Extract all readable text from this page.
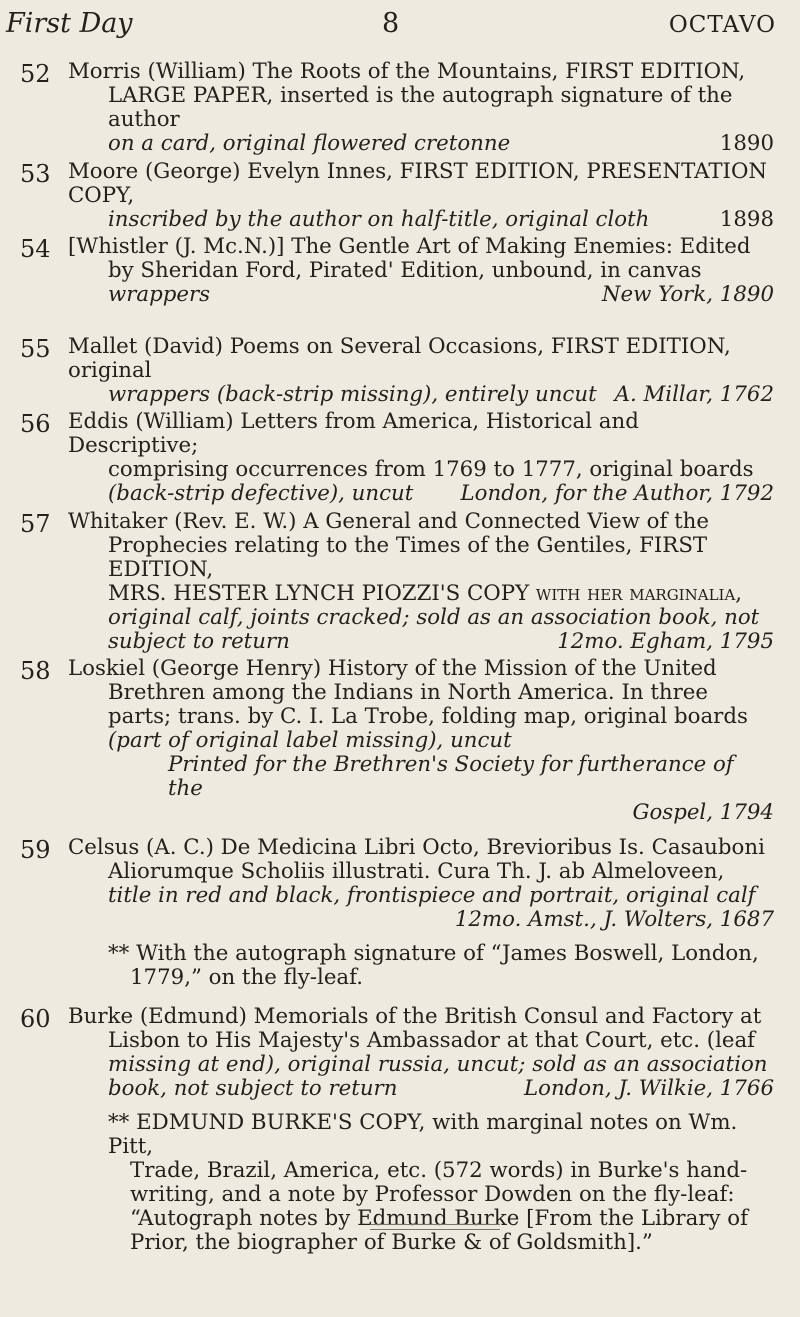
First Day	8	OCTAVO
52 Morris (William) The Roots of the Mountains, FIRST EDITION,
LARGE PAPER, inserted is the autograph signature of the author
on a card, original flowered cretonne	1890
53 Moore (George) Evelyn Innes, FIRST EDITION, PRESENTATION COPY,
inscribed by the author on half-title, original cloth	1898
54 [Whistler (J. Mc.N.)] The Gentle Art of Making Enemies: Edited
by Sheridan Ford, Pirated' Edition, unbound, in canvas
wrappers	New York, 1890
55 Mallet (David) Poems on Several Occasions, FIRST EDITION, original
wrappers (back-strip missing), entirely uncut A. Millar, 1762
56 Eddis (William) Letters from America, Historical and Descriptive;
comprising occurrences from 1769 to 1777, original boards
(back-strip defective), uncut London, for the Author, 1792
57 Whitaker (Rev. E. W.) A General and Connected View of the
Prophecies relating to the Times of the Gentiles, FIRST EDITION,
MRS. HESTER LYNCH PIOZZI'S COPY with her marginalia,
original calf, joints cracked; sold as an association book, not
subject to return	12mo. Egham, 1795
58 Loskiel (George Henry) History of the Mission of the United
Brethren among the Indians in North America. In three
parts; trans. by C. I. La Trobe, folding map, original boards
(part of original label missing), uncut
Printed for the Brethren's Society for furtherance of the
Gospel, 1794
59 Celsus (A. C.) De Medicina Libri Octo, Brevioribus Is. Casauboni
Aliorumque Scholiis illustrati. Cura Th. J. ab Almeloveen,
title in red and black, frontispiece and portrait, original calf
12mo. Amst., J. Wolters, 1687
** With the autograph signature of “James Boswell, London,
1779,” on the fly-leaf.
60 Burke (Edmund) Memorials of the British Consul and Factory at
Lisbon to His Majesty's Ambassador at that Court, etc. (leaf
missing at end), original russia, uncut; sold as an association
book, not subject to return	London, J. Wilkie, 1766
** EDMUND BURKE'S COPY, with marginal notes on Wm. Pitt,
Trade, Brazil, America, etc. (572 words) in Burke's hand-
writing, and a note by Professor Dowden on the fly-leaf:
“Autograph notes by Edmund Burke [From the Library of
Prior, the biographer of Burke & of Goldsmith].”
